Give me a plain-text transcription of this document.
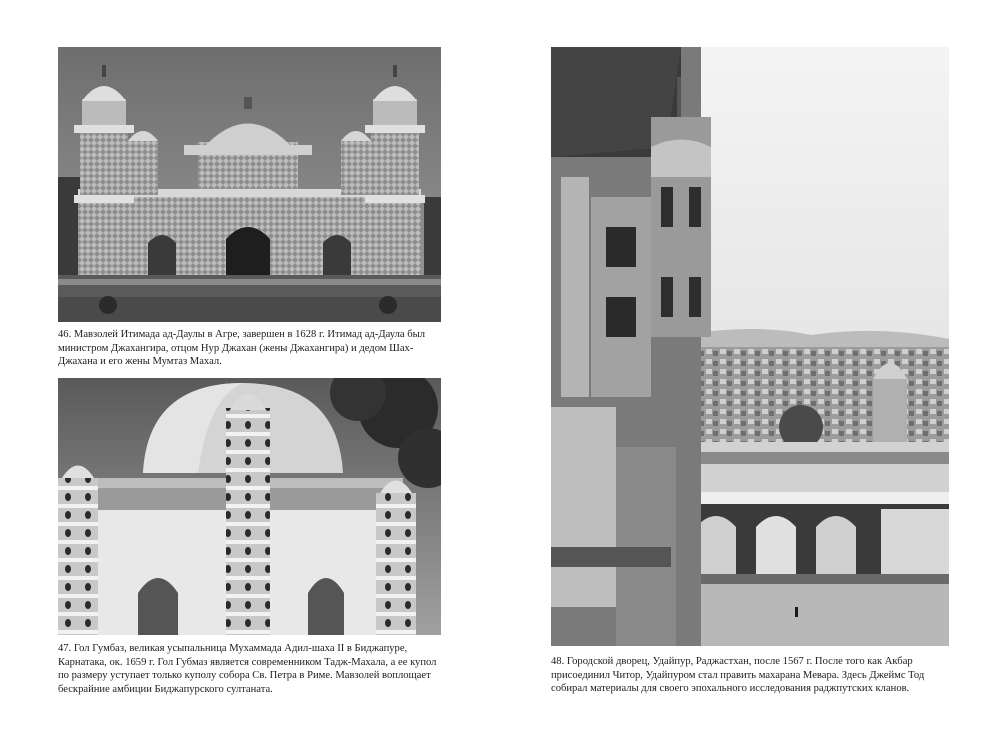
46. Мавзолей Итимада ад-Даулы в Агре, завершен в 1628 г. Итимад ад-Даула был министром Джахангира, отцом Нур Джахан (жены Джахангира) и дедом Шах-Джахана и его жены Мумтаз Махал.

47. Гол Гумбаз, великая усыпальница Мухаммада Адил-шаха II в Биджапуре, Карнатака, ок. 1659 г. Гол Губмаз является современником Тадж-Махала, а ее купол по размеру уступает только куполу собора Св. Петра в Риме. Мавзолей воплощает бескрайние амбиции Биджапурского султаната.

48. Городской дворец, Удайпур, Раджастхан, после 1567 г. После того как Акбар присоединил Читор, Удайпуром стал править махарана Мевара. Здесь Джеймс Тод собирал материалы для своего эпохального исследования раджпутских кланов.
